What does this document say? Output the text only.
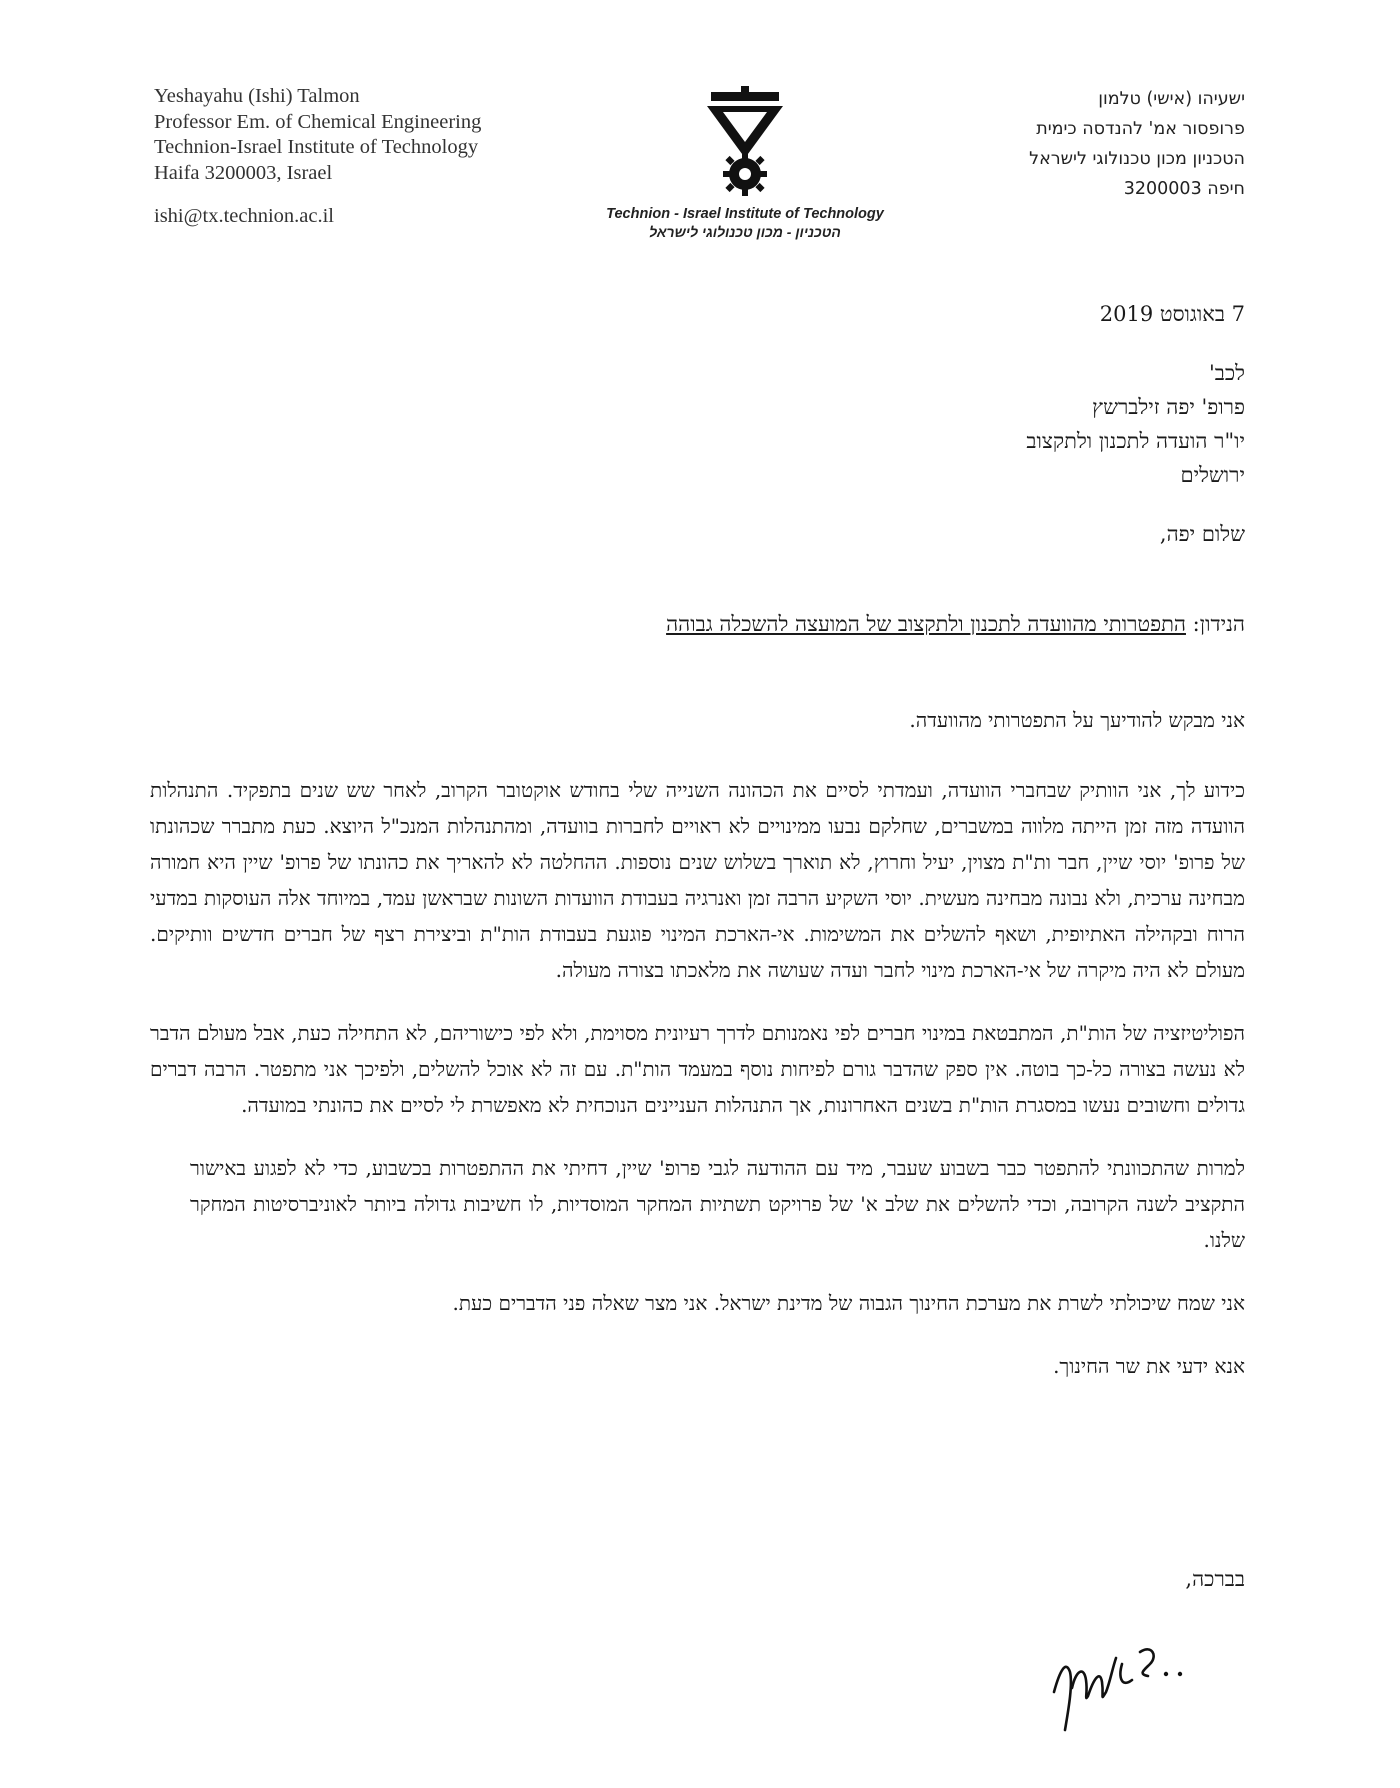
Yeshayahu (Ishi) Talmon
Professor Em. of Chemical Engineering
Technion-Israel Institute of Technology
Haifa 3200003, Israel
ishi@tx.technion.ac.il	Technion - Israel Institute of Technology
הטכניון - מכון טכנולוגי לישראל
ישעיהו (אישי) טלמון
פרופסור אמ' להנדסה כימית
הטכניון מכון טכנולוגי לישראל
חיפה 3200003
7 באוגוסט 2019
לכב'
פרופ' יפה זילברשץ
יו"ר הועדה לתכנון ולתקצוב
ירושלים
שלום יפה,
הנידון: התפטרותי מהוועדה לתכנון ולתקצוב של המועצה להשכלה גבוהה

אני מבקש להודיעך על התפטרותי מהוועדה.

כידוע לך, אני הוותיק שבחברי הוועדה, ועמדתי לסיים את הכהונה השנייה שלי בחודש אוקטובר הקרוב, לאחר שש שנים בתפקיד. התנהלות הוועדה מזה זמן הייתה מלווה במשברים, שחלקם נבעו ממינויים לא ראויים לחברות בוועדה, ומהתנהלות המנכ"ל היוצא. כעת מתברר שכהונתו של פרופ' יוסי שיין, חבר ות"ת מצוין, יעיל וחרוץ, לא תוארך בשלוש שנים נוספות. ההחלטה לא להאריך את כהונתו של פרופ' שיין היא חמורה מבחינה ערכית, ולא נבונה מבחינה מעשית. יוסי השקיע הרבה זמן ואנרגיה בעבודת הוועדות השונות שבראשן עמד, במיוחד אלה העוסקות במדעי הרוח ובקהילה האתיופית, ושאף להשלים את המשימות. אי-הארכת המינוי פוגעת בעבודת הות"ת וביצירת רצף של חברים חדשים וותיקים. מעולם לא היה מיקרה של אי-הארכת מינוי לחבר ועדה שעושה את מלאכתו בצורה מעולה.

הפוליטיזציה של הות"ת, המתבטאת במינוי חברים לפי נאמנותם לדרך רעיונית מסוימת, ולא לפי כישוריהם, לא התחילה כעת, אבל מעולם הדבר לא נעשה בצורה כל-כך בוטה. אין ספק שהדבר גורם לפיחות נוסף במעמד הות"ת. עם זה לא אוכל להשלים, ולפיכך אני מתפטר. הרבה דברים גדולים וחשובים נעשו במסגרת הות"ת בשנים האחרונות, אך התנהלות העניינים הנוכחית לא מאפשרת לי לסיים את כהונתי במועדה.

למרות שהתכוונתי להתפטר כבר בשבוע שעבר, מיד עם ההודעה לגבי פרופ' שיין, דחיתי את ההתפטרות בכשבוע, כדי לא לפגוע באישור התקציב לשנה הקרובה, וכדי להשלים את שלב א' של פרויקט תשתיות המחקר המוסדיות, לו חשיבות גדולה ביותר לאוניברסיטות המחקר שלנו.

אני שמח שיכולתי לשרת את מערכת החינוך הגבוה של מדינת ישראל. אני מצר שאלה פני הדברים כעת.

אנא ידעי את שר החינוך.

בברכה,
